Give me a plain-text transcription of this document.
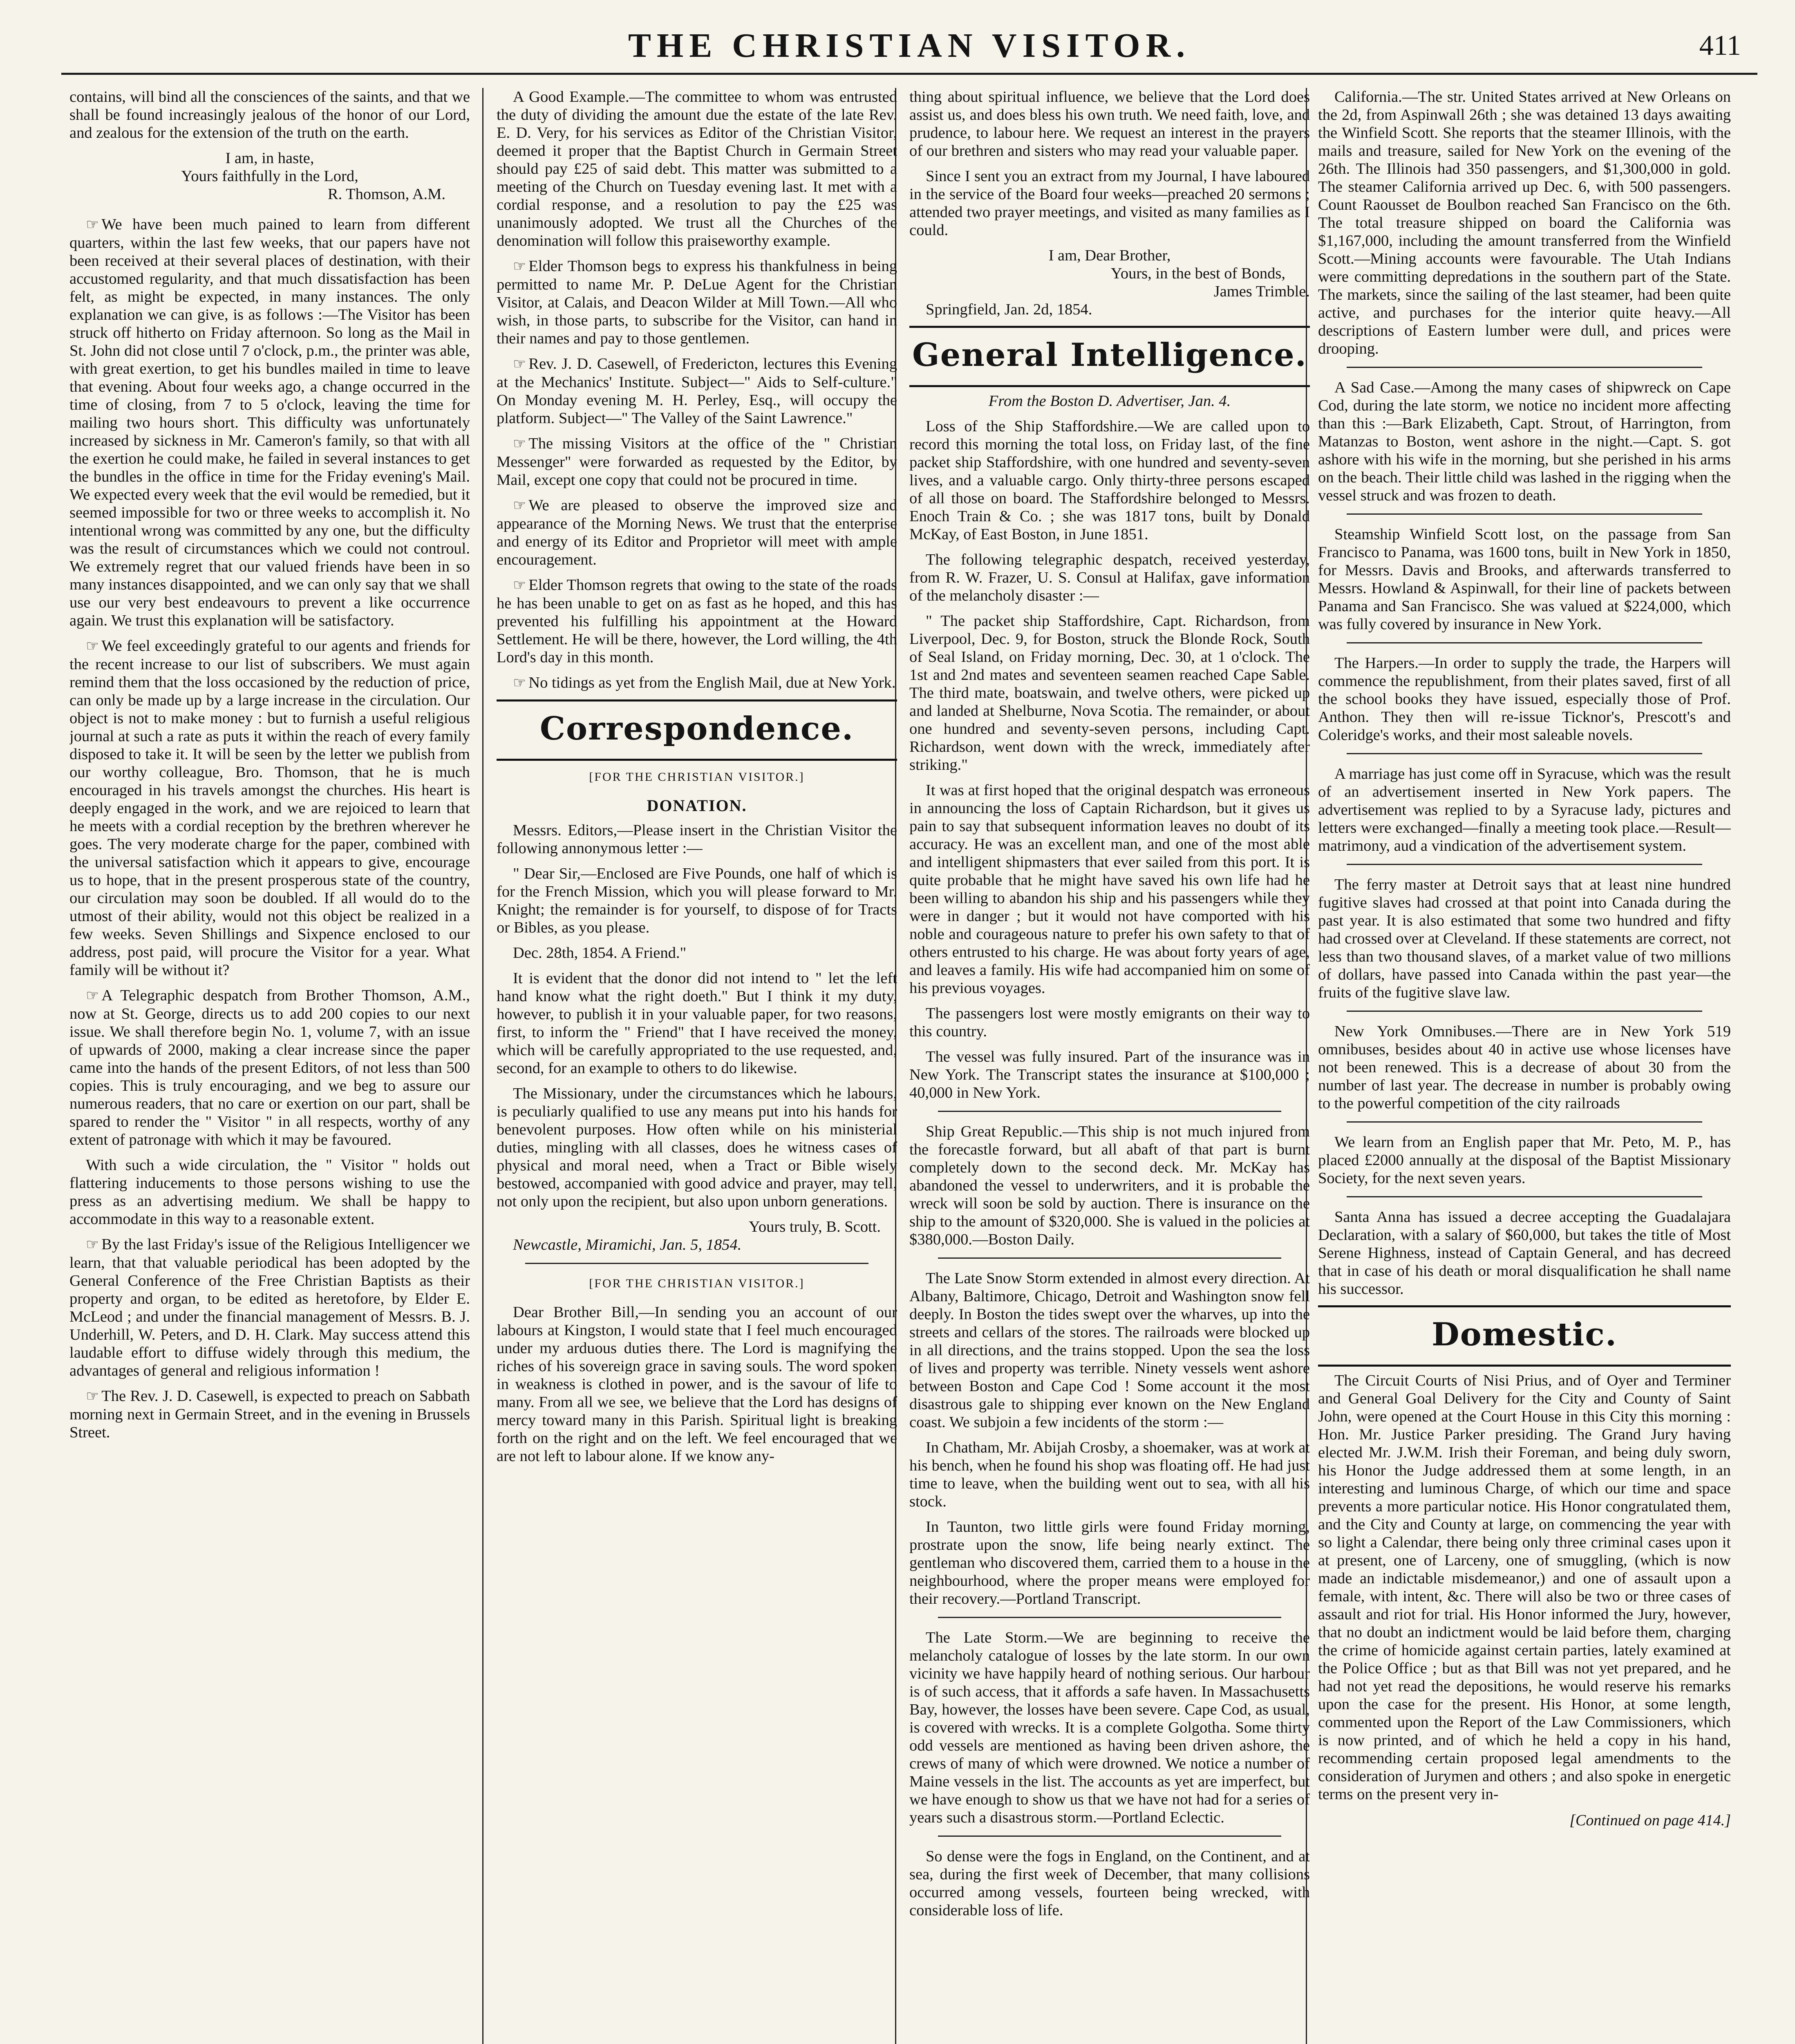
THE CHRISTIAN VISITOR.	411

contains, will bind all the consciences of the saints, and that we shall be found increasingly jealous of the honor of our Lord, and zealous for the extension of the truth on the earth.

I am, in haste,

Yours faithfully in the Lord,

R. Thomson, A.M.

☞ We have been much pained to learn from different quarters, within the last few weeks, that our papers have not been received at their several places of destination, with their accustomed regularity, and that much dissatisfaction has been felt, as might be expected, in many instances. The only explanation we can give, is as follows :—The Visitor has been struck off hitherto on Friday afternoon. So long as the Mail in St. John did not close until 7 o'clock, p.m., the printer was able, with great exertion, to get his bundles mailed in time to leave that evening. About four weeks ago, a change occurred in the time of closing, from 7 to 5 o'clock, leaving the time for mailing two hours short. This difficulty was unfortunately increased by sickness in Mr. Cameron's family, so that with all the exertion he could make, he failed in several instances to get the bundles in the office in time for the Friday evening's Mail. We expected every week that the evil would be remedied, but it seemed impossible for two or three weeks to accomplish it. No intentional wrong was committed by any one, but the difficulty was the result of circumstances which we could not controul. We extremely regret that our valued friends have been in so many instances disappointed, and we can only say that we shall use our very best endeavours to prevent a like occurrence again. We trust this explanation will be satisfactory.

☞ We feel exceedingly grateful to our agents and friends for the recent increase to our list of subscribers. We must again remind them that the loss occasioned by the reduction of price, can only be made up by a large increase in the circulation. Our object is not to make money : but to furnish a useful religious journal at such a rate as puts it within the reach of every family disposed to take it. It will be seen by the letter we publish from our worthy colleague, Bro. Thomson, that he is much encouraged in his travels amongst the churches. His heart is deeply engaged in the work, and we are rejoiced to learn that he meets with a cordial reception by the brethren wherever he goes. The very moderate charge for the paper, combined with the universal satisfaction which it appears to give, encourage us to hope, that in the present prosperous state of the country, our circulation may soon be doubled. If all would do to the utmost of their ability, would not this object be realized in a few weeks. Seven Shillings and Sixpence enclosed to our address, post paid, will procure the Visitor for a year. What family will be without it?

☞ A Telegraphic despatch from Brother Thomson, A.M., now at St. George, directs us to add 200 copies to our next issue. We shall therefore begin No. 1, volume 7, with an issue of upwards of 2000, making a clear increase since the paper came into the hands of the present Editors, of not less than 500 copies. This is truly encouraging, and we beg to assure our numerous readers, that no care or exertion on our part, shall be spared to render the " Visitor " in all respects, worthy of any extent of patronage with which it may be favoured.

With such a wide circulation, the " Visitor " holds out flattering inducements to those persons wishing to use the press as an advertising medium. We shall be happy to accommodate in this way to a reasonable extent.

☞ By the last Friday's issue of the Religious Intelligencer we learn, that that valuable periodical has been adopted by the General Conference of the Free Christian Baptists as their property and organ, to be edited as heretofore, by Elder E. McLeod ; and under the financial management of Messrs. B. J. Underhill, W. Peters, and D. H. Clark. May success attend this laudable effort to diffuse widely through this medium, the advantages of general and religious information !

☞ The Rev. J. D. Casewell, is expected to preach on Sabbath morning next in Germain Street, and in the evening in Brussels Street.

A Good Example.—The committee to whom was entrusted the duty of dividing the amount due the estate of the late Rev. E. D. Very, for his services as Editor of the Christian Visitor, deemed it proper that the Baptist Church in Germain Street should pay £25 of said debt. This matter was submitted to a meeting of the Church on Tuesday evening last. It met with a cordial response, and a resolution to pay the £25 was unanimously adopted. We trust all the Churches of the denomination will follow this praiseworthy example.

☞ Elder Thomson begs to express his thankfulness in being permitted to name Mr. P. DeLue Agent for the Christian Visitor, at Calais, and Deacon Wilder at Mill Town.—All who wish, in those parts, to subscribe for the Visitor, can hand in their names and pay to those gentlemen.

☞ Rev. J. D. Casewell, of Fredericton, lectures this Evening at the Mechanics' Institute. Subject—" Aids to Self-culture." On Monday evening M. H. Perley, Esq., will occupy the platform. Subject—" The Valley of the Saint Lawrence."

☞ The missing Visitors at the office of the " Christian Messenger" were forwarded as requested by the Editor, by Mail, except one copy that could not be procured in time.

☞ We are pleased to observe the improved size and appearance of the Morning News. We trust that the enterprise and energy of its Editor and Proprietor will meet with ample encouragement.

☞ Elder Thomson regrets that owing to the state of the roads he has been unable to get on as fast as he hoped, and this has prevented his fulfilling his appointment at the Howard Settlement. He will be there, however, the Lord willing, the 4th Lord's day in this month.

☞ No tidings as yet from the English Mail, due at New York.

Correspondence.

[FOR THE CHRISTIAN VISITOR.]

DONATION.

Messrs. Editors,—Please insert in the Christian Visitor the following annonymous letter :—

" Dear Sir,—Enclosed are Five Pounds, one half of which is for the French Mission, which you will please forward to Mr. Knight; the remainder is for yourself, to dispose of for Tracts or Bibles, as you please.

Dec. 28th, 1854. A Friend."

It is evident that the donor did not intend to " let the left hand know what the right doeth." But I think it my duty, however, to publish it in your valuable paper, for two reasons, first, to inform the " Friend" that I have received the money, which will be carefully appropriated to the use requested, and, second, for an example to others to do likewise.

The Missionary, under the circumstances which he labours, is peculiarly qualified to use any means put into his hands for benevolent purposes. How often while on his ministerial duties, mingling with all classes, does he witness cases of physical and moral need, when a Tract or Bible wisely bestowed, accompanied with good advice and prayer, may tell, not only upon the recipient, but also upon unborn generations.

Yours truly, B. Scott.

Newcastle, Miramichi, Jan. 5, 1854.

[FOR THE CHRISTIAN VISITOR.]

Dear Brother Bill,—In sending you an account of our labours at Kingston, I would state that I feel much encouraged under my arduous duties there. The Lord is magnifying the riches of his sovereign grace in saving souls. The word spoken in weakness is clothed in power, and is the savour of life to many. From all we see, we believe that the Lord has designs of mercy toward many in this Parish. Spiritual light is breaking forth on the right and on the left. We feel encouraged that we are not left to labour alone. If we know any-

thing about spiritual influence, we believe that the Lord does assist us, and does bless his own truth. We need faith, love, and prudence, to labour here. We request an interest in the prayers of our brethren and sisters who may read your valuable paper.

Since I sent you an extract from my Journal, I have laboured in the service of the Board four weeks—preached 20 sermons ; attended two prayer meetings, and visited as many families as I could.

I am, Dear Brother,

Yours, in the best of Bonds,

James Trimble.

Springfield, Jan. 2d, 1854.

General Intelligence.

From the Boston D. Advertiser, Jan. 4.

Loss of the Ship Staffordshire.—We are called upon to record this morning the total loss, on Friday last, of the fine packet ship Staffordshire, with one hundred and seventy-seven lives, and a valuable cargo. Only thirty-three persons escaped of all those on board. The Staffordshire belonged to Messrs. Enoch Train & Co. ; she was 1817 tons, built by Donald McKay, of East Boston, in June 1851.

The following telegraphic despatch, received yesterday, from R. W. Frazer, U. S. Consul at Halifax, gave information of the melancholy disaster :—

" The packet ship Staffordshire, Capt. Richardson, from Liverpool, Dec. 9, for Boston, struck the Blonde Rock, South of Seal Island, on Friday morning, Dec. 30, at 1 o'clock. The 1st and 2nd mates and seventeen seamen reached Cape Sable. The third mate, boatswain, and twelve others, were picked up and landed at Shelburne, Nova Scotia. The remainder, or about one hundred and seventy-seven persons, including Capt. Richardson, went down with the wreck, immediately after striking."

It was at first hoped that the original despatch was erroneous in announcing the loss of Captain Richardson, but it gives us pain to say that subsequent information leaves no doubt of its accuracy. He was an excellent man, and one of the most able and intelligent shipmasters that ever sailed from this port. It is quite probable that he might have saved his own life had he been willing to abandon his ship and his passengers while they were in danger ; but it would not have comported with his noble and courageous nature to prefer his own safety to that of others entrusted to his charge. He was about forty years of age, and leaves a family. His wife had accompanied him on some of his previous voyages.

The passengers lost were mostly emigrants on their way to this country.

The vessel was fully insured. Part of the insurance was in New York. The Transcript states the insurance at $100,000 ; 40,000 in New York.

Ship Great Republic.—This ship is not much injured from the forecastle forward, but all abaft of that part is burnt completely down to the second deck. Mr. McKay has abandoned the vessel to underwriters, and it is probable the wreck will soon be sold by auction. There is insurance on the ship to the amount of $320,000. She is valued in the policies at $380,000.—Boston Daily.

The Late Snow Storm extended in almost every direction. At Albany, Baltimore, Chicago, Detroit and Washington snow fell deeply. In Boston the tides swept over the wharves, up into the streets and cellars of the stores. The railroads were blocked up in all directions, and the trains stopped. Upon the sea the loss of lives and property was terrible. Ninety vessels went ashore between Boston and Cape Cod ! Some account it the most disastrous gale to shipping ever known on the New England coast. We subjoin a few incidents of the storm :—

In Chatham, Mr. Abijah Crosby, a shoemaker, was at work at his bench, when he found his shop was floating off. He had just time to leave, when the building went out to sea, with all his stock.

In Taunton, two little girls were found Friday morning, prostrate upon the snow, life being nearly extinct. The gentleman who discovered them, carried them to a house in the neighbourhood, where the proper means were employed for their recovery.—Portland Transcript.

The Late Storm.—We are beginning to receive the melancholy catalogue of losses by the late storm. In our own vicinity we have happily heard of nothing serious. Our harbour is of such access, that it affords a safe haven. In Massachusetts Bay, however, the losses have been severe. Cape Cod, as usual, is covered with wrecks. It is a complete Golgotha. Some thirty odd vessels are mentioned as having been driven ashore, the crews of many of which were drowned. We notice a number of Maine vessels in the list. The accounts as yet are imperfect, but we have enough to show us that we have not had for a series of years such a disastrous storm.—Portland Eclectic.

So dense were the fogs in England, on the Continent, and at sea, during the first week of December, that many collisions occurred among vessels, fourteen being wrecked, with considerable loss of life.

California.—The str. United States arrived at New Orleans on the 2d, from Aspinwall 26th ; she was detained 13 days awaiting the Winfield Scott. She reports that the steamer Illinois, with the mails and treasure, sailed for New York on the evening of the 26th. The Illinois had 350 passengers, and $1,300,000 in gold. The steamer California arrived up Dec. 6, with 500 passengers. Count Raousset de Boulbon reached San Francisco on the 6th. The total treasure shipped on board the California was $1,167,000, including the amount transferred from the Winfield Scott.—Mining accounts were favourable. The Utah Indians were committing depredations in the southern part of the State. The markets, since the sailing of the last steamer, had been quite active, and purchases for the interior quite heavy.—All descriptions of Eastern lumber were dull, and prices were drooping.

A Sad Case.—Among the many cases of shipwreck on Cape Cod, during the late storm, we notice no incident more affecting than this :—Bark Elizabeth, Capt. Strout, of Harrington, from Matanzas to Boston, went ashore in the night.—Capt. S. got ashore with his wife in the morning, but she perished in his arms on the beach. Their little child was lashed in the rigging when the vessel struck and was frozen to death.

Steamship Winfield Scott lost, on the passage from San Francisco to Panama, was 1600 tons, built in New York in 1850, for Messrs. Davis and Brooks, and afterwards transferred to Messrs. Howland & Aspinwall, for their line of packets between Panama and San Francisco. She was valued at $224,000, which was fully covered by insurance in New York.

The Harpers.—In order to supply the trade, the Harpers will commence the republishment, from their plates saved, first of all the school books they have issued, especially those of Prof. Anthon. They then will re-issue Ticknor's, Prescott's and Coleridge's works, and their most saleable novels.

A marriage has just come off in Syracuse, which was the result of an advertisement inserted in New York papers. The advertisement was replied to by a Syracuse lady, pictures and letters were exchanged—finally a meeting took place.—Result—matrimony, aud a vindication of the advertisement system.

The ferry master at Detroit says that at least nine hundred fugitive slaves had crossed at that point into Canada during the past year. It is also estimated that some two hundred and fifty had crossed over at Cleveland. If these statements are correct, not less than two thousand slaves, of a market value of two millions of dollars, have passed into Canada within the past year—the fruits of the fugitive slave law.

New York Omnibuses.—There are in New York 519 omnibuses, besides about 40 in active use whose licenses have not been renewed. This is a decrease of about 30 from the number of last year. The decrease in number is probably owing to the powerful competition of the city railroads

We learn from an English paper that Mr. Peto, M. P., has placed £2000 annually at the disposal of the Baptist Missionary Society, for the next seven years.

Santa Anna has issued a decree accepting the Guadalajara Declaration, with a salary of $60,000, but takes the title of Most Serene Highness, instead of Captain General, and has decreed that in case of his death or moral disqualification he shall name his successor.

Domestic.

The Circuit Courts of Nisi Prius, and of Oyer and Terminer and General Goal Delivery for the City and County of Saint John, were opened at the Court House in this City this morning : Hon. Mr. Justice Parker presiding. The Grand Jury having elected Mr. J.W.M. Irish their Foreman, and being duly sworn, his Honor the Judge addressed them at some length, in an interesting and luminous Charge, of which our time and space prevents a more particular notice. His Honor congratulated them, and the City and County at large, on commencing the year with so light a Calendar, there being only three criminal cases upon it at present, one of Larceny, one of smuggling, (which is now made an indictable misdemeanor,) and one of assault upon a female, with intent, &c. There will also be two or three cases of assault and riot for trial. His Honor informed the Jury, however, that no doubt an indictment would be laid before them, charging the crime of homicide against certain parties, lately examined at the Police Office ; but as that Bill was not yet prepared, and he had not yet read the depositions, he would reserve his remarks upon the case for the present. His Honor, at some length, commented upon the Report of the Law Commissioners, which is now printed, and of which he held a copy in his hand, recommending certain proposed legal amendments to the consideration of Jurymen and others ; and also spoke in energetic terms on the present very in-

[Continued on page 414.]
